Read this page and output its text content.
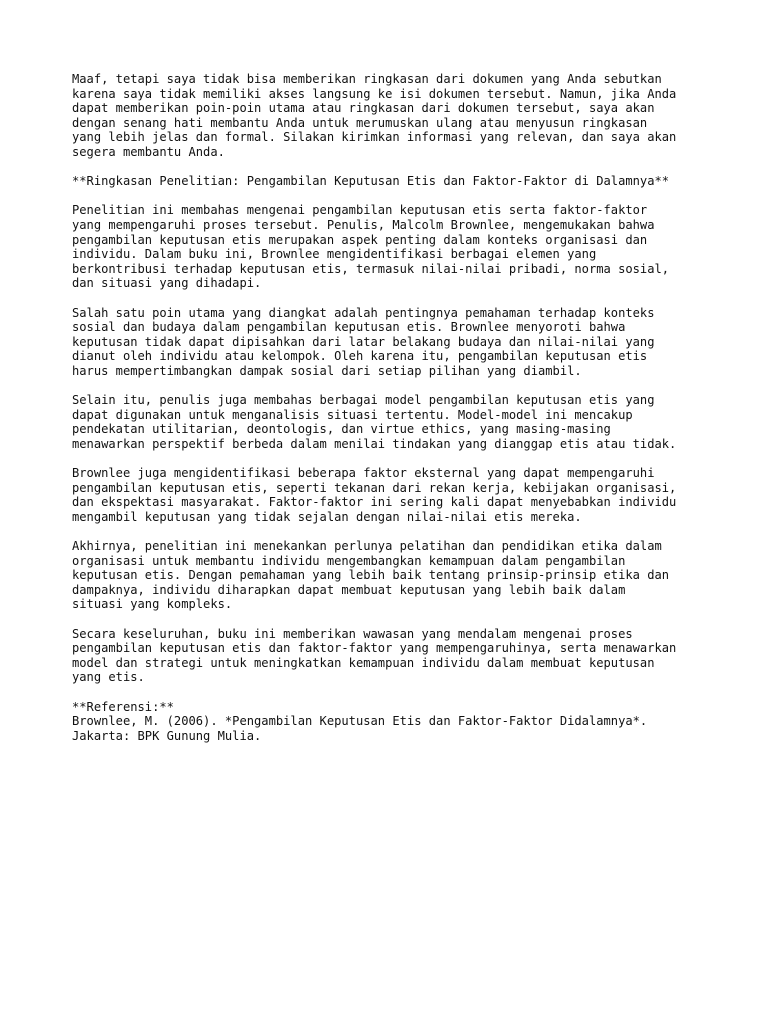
Maaf, tetapi saya tidak bisa memberikan ringkasan dari dokumen yang Anda sebutkan
karena saya tidak memiliki akses langsung ke isi dokumen tersebut. Namun, jika Anda
dapat memberikan poin-poin utama atau ringkasan dari dokumen tersebut, saya akan
dengan senang hati membantu Anda untuk merumuskan ulang atau menyusun ringkasan
yang lebih jelas dan formal. Silakan kirimkan informasi yang relevan, dan saya akan
segera membantu Anda.

**Ringkasan Penelitian: Pengambilan Keputusan Etis dan Faktor-Faktor di Dalamnya**

Penelitian ini membahas mengenai pengambilan keputusan etis serta faktor-faktor
yang mempengaruhi proses tersebut. Penulis, Malcolm Brownlee, mengemukakan bahwa
pengambilan keputusan etis merupakan aspek penting dalam konteks organisasi dan
individu. Dalam buku ini, Brownlee mengidentifikasi berbagai elemen yang
berkontribusi terhadap keputusan etis, termasuk nilai-nilai pribadi, norma sosial,
dan situasi yang dihadapi.

Salah satu poin utama yang diangkat adalah pentingnya pemahaman terhadap konteks
sosial dan budaya dalam pengambilan keputusan etis. Brownlee menyoroti bahwa
keputusan tidak dapat dipisahkan dari latar belakang budaya dan nilai-nilai yang
dianut oleh individu atau kelompok. Oleh karena itu, pengambilan keputusan etis
harus mempertimbangkan dampak sosial dari setiap pilihan yang diambil.

Selain itu, penulis juga membahas berbagai model pengambilan keputusan etis yang
dapat digunakan untuk menganalisis situasi tertentu. Model-model ini mencakup
pendekatan utilitarian, deontologis, dan virtue ethics, yang masing-masing
menawarkan perspektif berbeda dalam menilai tindakan yang dianggap etis atau tidak.

Brownlee juga mengidentifikasi beberapa faktor eksternal yang dapat mempengaruhi
pengambilan keputusan etis, seperti tekanan dari rekan kerja, kebijakan organisasi,
dan ekspektasi masyarakat. Faktor-faktor ini sering kali dapat menyebabkan individu
mengambil keputusan yang tidak sejalan dengan nilai-nilai etis mereka.

Akhirnya, penelitian ini menekankan perlunya pelatihan dan pendidikan etika dalam
organisasi untuk membantu individu mengembangkan kemampuan dalam pengambilan
keputusan etis. Dengan pemahaman yang lebih baik tentang prinsip-prinsip etika dan
dampaknya, individu diharapkan dapat membuat keputusan yang lebih baik dalam
situasi yang kompleks.

Secara keseluruhan, buku ini memberikan wawasan yang mendalam mengenai proses
pengambilan keputusan etis dan faktor-faktor yang mempengaruhinya, serta menawarkan
model dan strategi untuk meningkatkan kemampuan individu dalam membuat keputusan
yang etis.

**Referensi:**
Brownlee, M. (2006). *Pengambilan Keputusan Etis dan Faktor-Faktor Didalamnya*.
Jakarta: BPK Gunung Mulia.
